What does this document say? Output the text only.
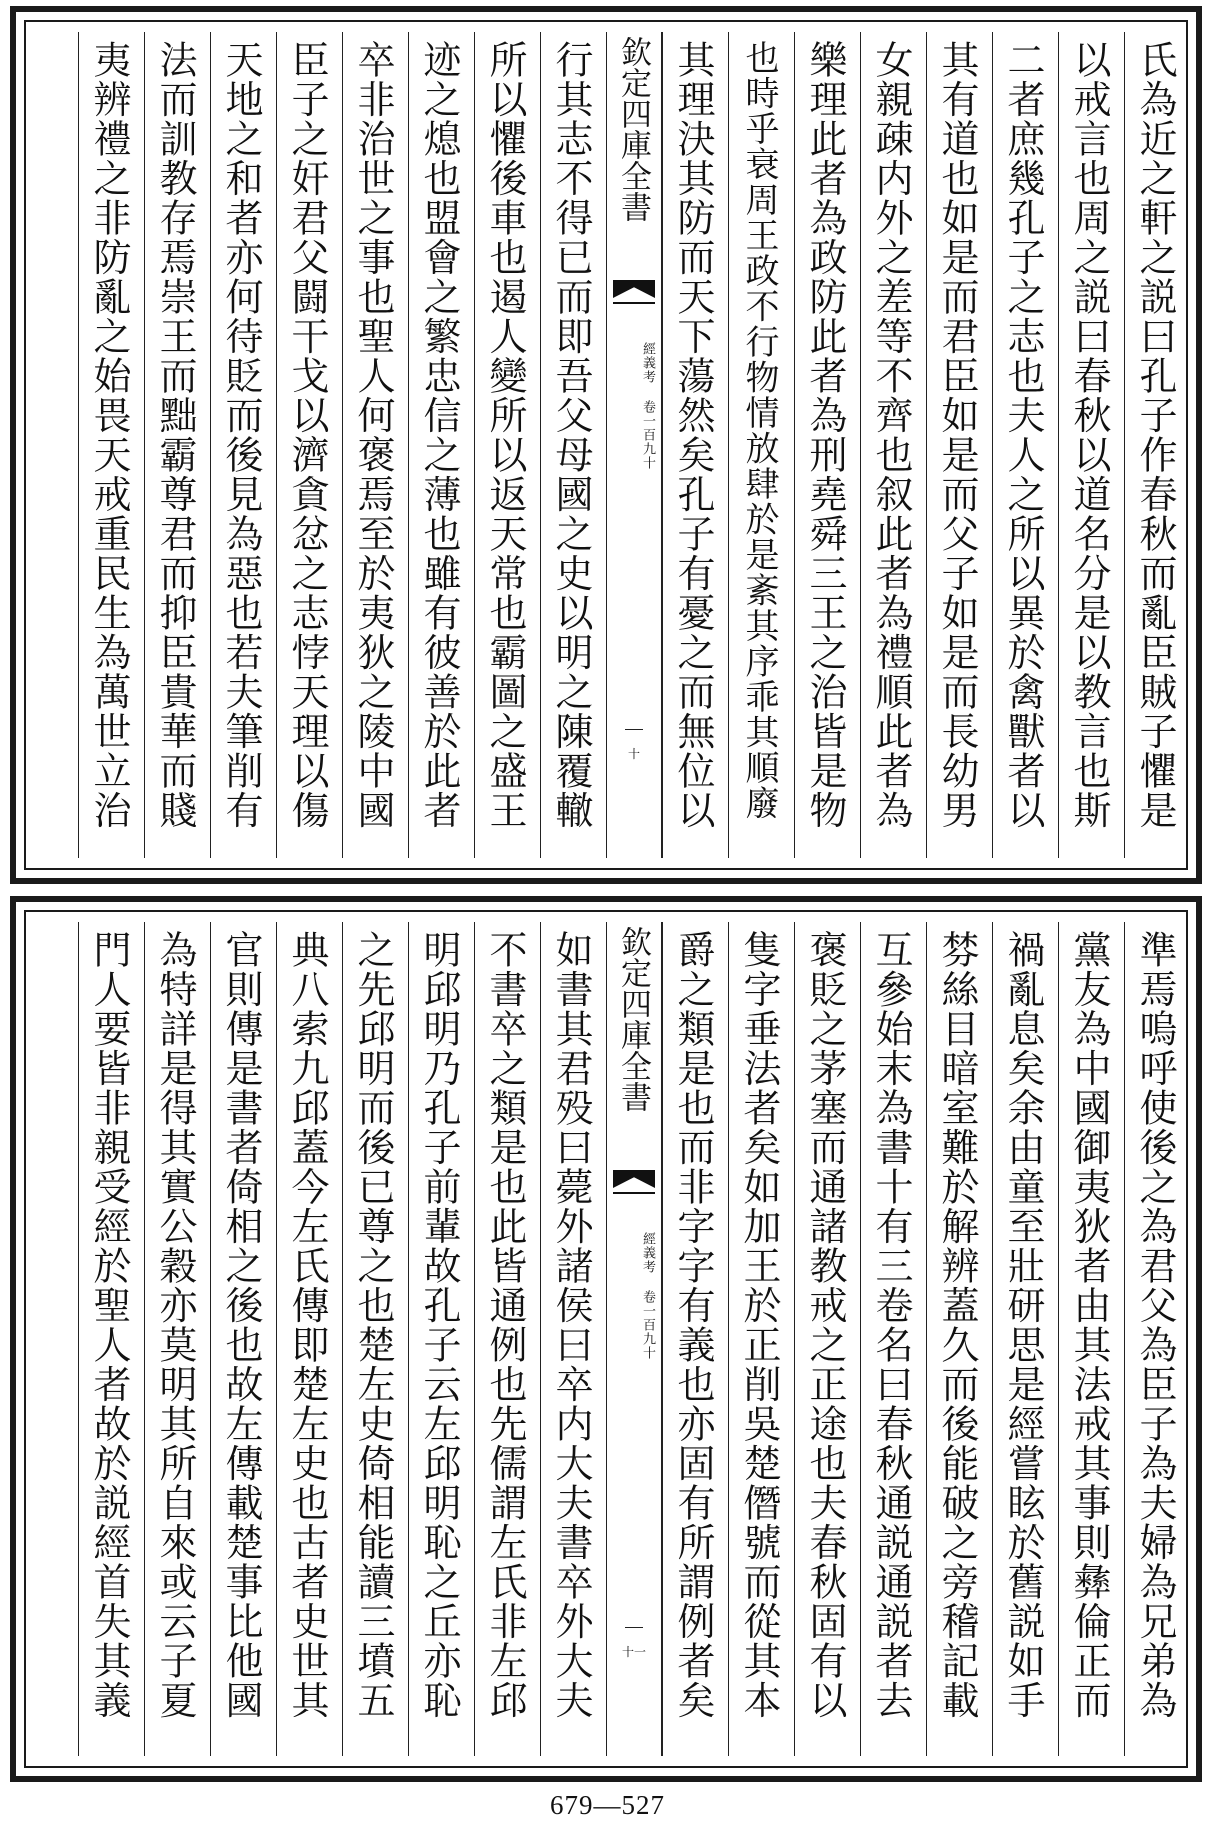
氏為近之軒之説曰孔子作春秋而亂臣賊子懼是
以戒言也周之説曰春秋以道名分是以教言也斯
二者庶幾孔子之志也夫人之所以異於禽獸者以
其有道也如是而君臣如是而父子如是而長幼男
女親疎内外之差等不齊也叙此者為禮順此者為
樂理此者為政防此者為刑堯舜三王之治皆是物
也時乎衰周王政不行物情放肆於是紊其序乖其順廢
其理決其防而天下蕩然矣孔子有憂之而無位以
欽定四庫全書
經義考 卷一百九十
十
行其志不得已而即吾父母國之史以明之陳覆轍
所以懼後車也遏人變所以返天常也霸圖之盛王
迹之熄也盟會之繁忠信之薄也雖有彼善於此者
卒非治世之事也聖人何褒焉至於夷狄之陵中國
臣子之奸君父闘干戈以濟貪忿之志悖天理以傷
天地之和者亦何待貶而後見為惡也若夫筆削有
法而訓教存焉崇王而黜霸尊君而抑臣貴華而賤
夷辨禮之非防亂之始畏天戒重民生為萬世立治
準焉嗚呼使後之為君父為臣子為夫婦為兄弟為
黨友為中國御夷狄者由其法戒其事則彝倫正而
禍亂息矣余由童至壯研思是經嘗眩於舊説如手
棼絲目暗室難於解辨蓋久而後能破之旁稽記載
互參始末為書十有三卷名曰春秋通説通説者去
褒貶之茅塞而通諸教戒之正途也夫春秋固有以
隻字垂法者矣如加王於正削吳楚僭號而從其本
爵之類是也而非字字有義也亦固有所謂例者矣
欽定四庫全書
經義考 卷一百九十
十一
如書其君殁曰薨外諸侯曰卒内大夫書卒外大夫
不書卒之類是也此皆通例也先儒謂左氏非左邱
明邱明乃孔子前輩故孔子云左邱明恥之丘亦恥
之先邱明而後已尊之也楚左史倚相能讀三墳五
典八索九邱蓋今左氏傳即楚左史也古者史世其
官則傳是書者倚相之後也故左傳載楚事比他國
為特詳是得其實公穀亦莫明其所自來或云子夏
門人要皆非親受經於聖人者故於説經首失其義
679—527
